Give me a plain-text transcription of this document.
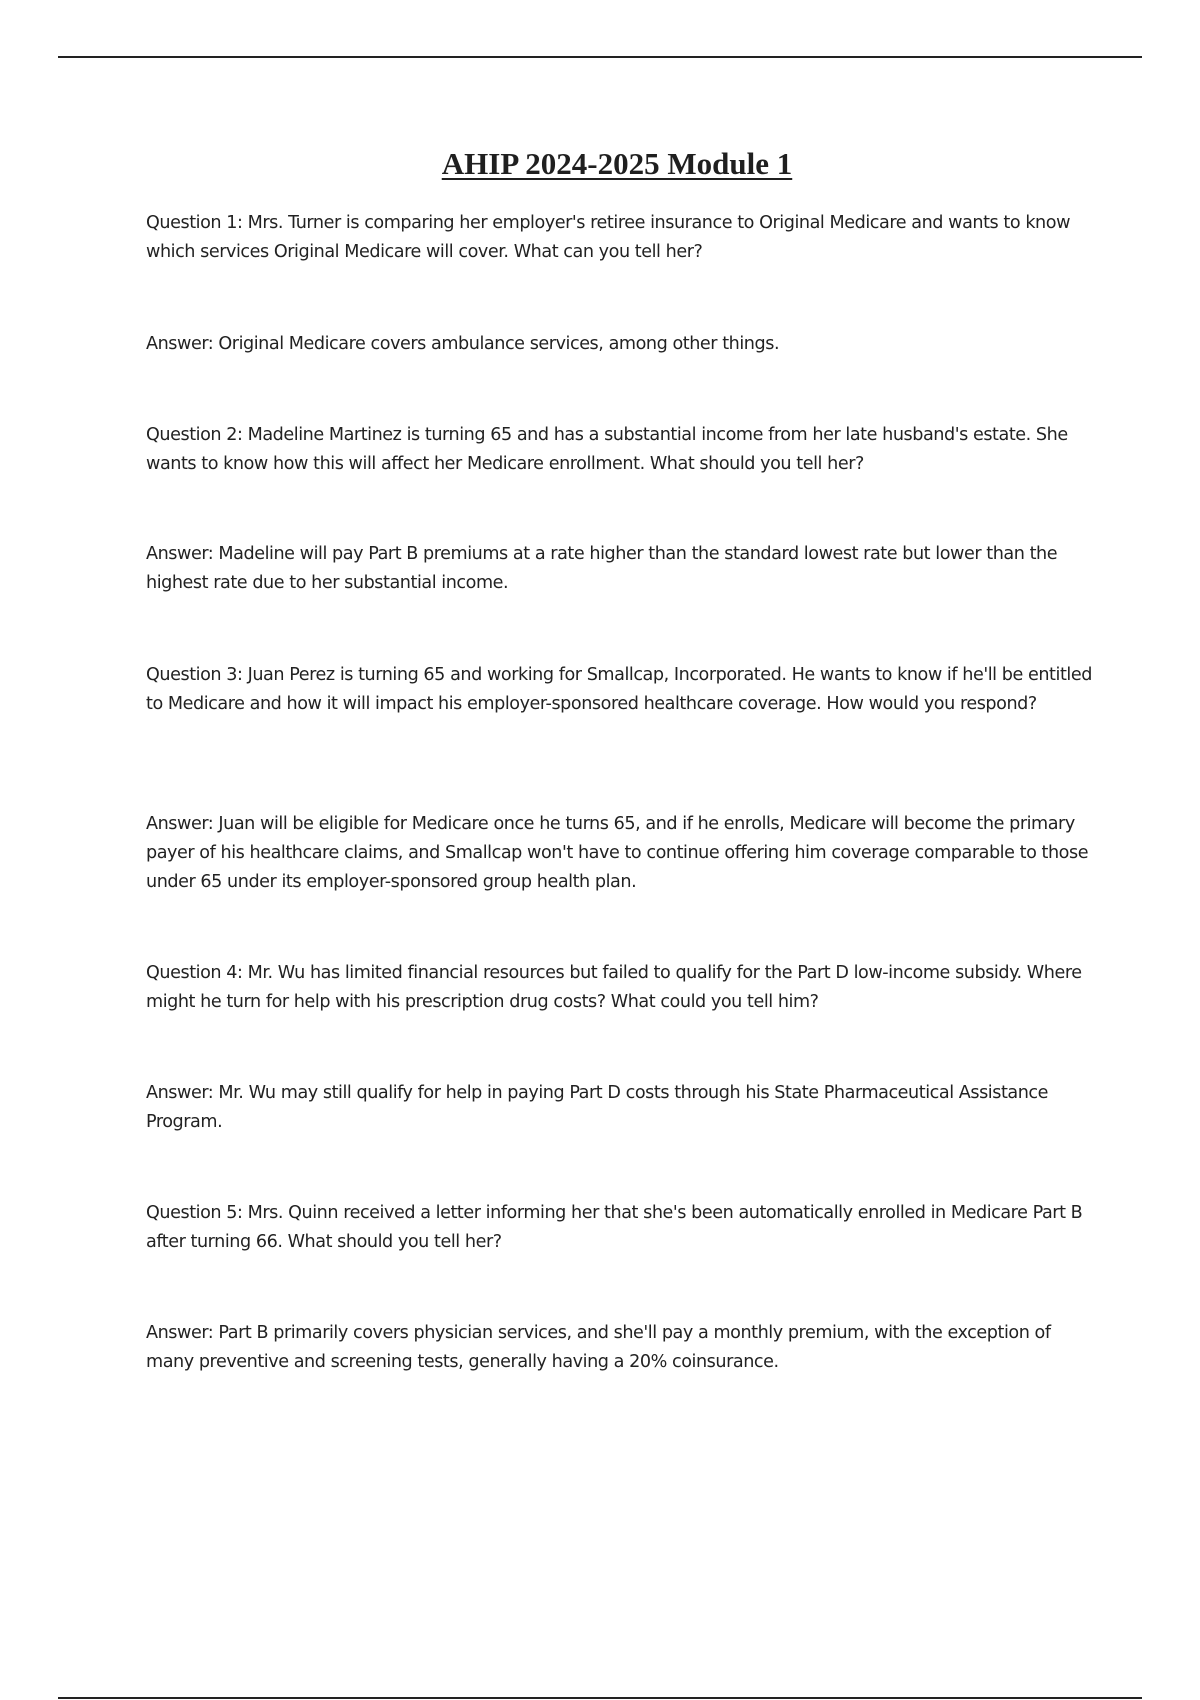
AHIP 2024-2025 Module 1

Question 1: Mrs. Turner is comparing her employer's retiree insurance to Original Medicare and wants to know which services Original Medicare will cover. What can you tell her?

Answer: Original Medicare covers ambulance services, among other things.

Question 2: Madeline Martinez is turning 65 and has a substantial income from her late husband's estate. She wants to know how this will affect her Medicare enrollment. What should you tell her?

Answer: Madeline will pay Part B premiums at a rate higher than the standard lowest rate but lower than the highest rate due to her substantial income.

Question 3: Juan Perez is turning 65 and working for Smallcap, Incorporated. He wants to know if he'll be entitled to Medicare and how it will impact his employer-sponsored healthcare coverage. How would you respond?

Answer: Juan will be eligible for Medicare once he turns 65, and if he enrolls, Medicare will become the primary payer of his healthcare claims, and Smallcap won't have to continue offering him coverage comparable to those under 65 under its employer-sponsored group health plan.

Question 4: Mr. Wu has limited financial resources but failed to qualify for the Part D low-income subsidy. Where might he turn for help with his prescription drug costs? What could you tell him?

Answer: Mr. Wu may still qualify for help in paying Part D costs through his State Pharmaceutical Assistance Program.

Question 5: Mrs. Quinn received a letter informing her that she's been automatically enrolled in Medicare Part B after turning 66. What should you tell her?

Answer: Part B primarily covers physician services, and she'll pay a monthly premium, with the exception of many preventive and screening tests, generally having a 20% coinsurance.
